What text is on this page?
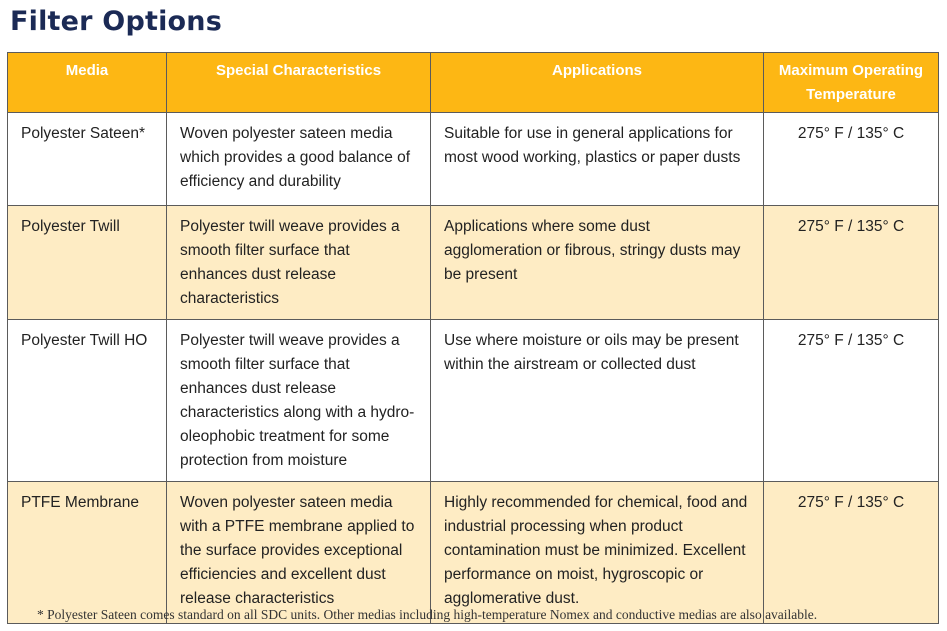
Filter Options
Media	Special Characteristics	Applications	Maximum Operating Temperature
Polyester Sateen*	Woven polyester sateen media which provides a good balance of efficiency and durability	Suitable for use in general applications for most wood working, plastics or paper dusts	275° F / 135° C
Polyester Twill	Polyester twill weave provides a smooth filter surface that enhances dust release characteristics	Applications where some dust agglomeration or fibrous, stringy dusts may be present	275° F / 135° C
Polyester Twill HO	Polyester twill weave provides a smooth filter surface that enhances dust release characteristics along with a hydro-oleophobic treatment for some protection from moisture	Use where moisture or oils may be present within the airstream or collected dust	275° F / 135° C
PTFE Membrane	Woven polyester sateen media with a PTFE membrane applied to the surface provides exceptional efficiencies and excellent dust release characteristics	Highly recommended for chemical, food and industrial processing when product contamination must be minimized. Excellent performance on moist, hygroscopic or agglomerative dust.	275° F / 135° C

* Polyester Sateen comes standard on all SDC units. Other medias including high-temperature Nomex and conductive medias are also available.
